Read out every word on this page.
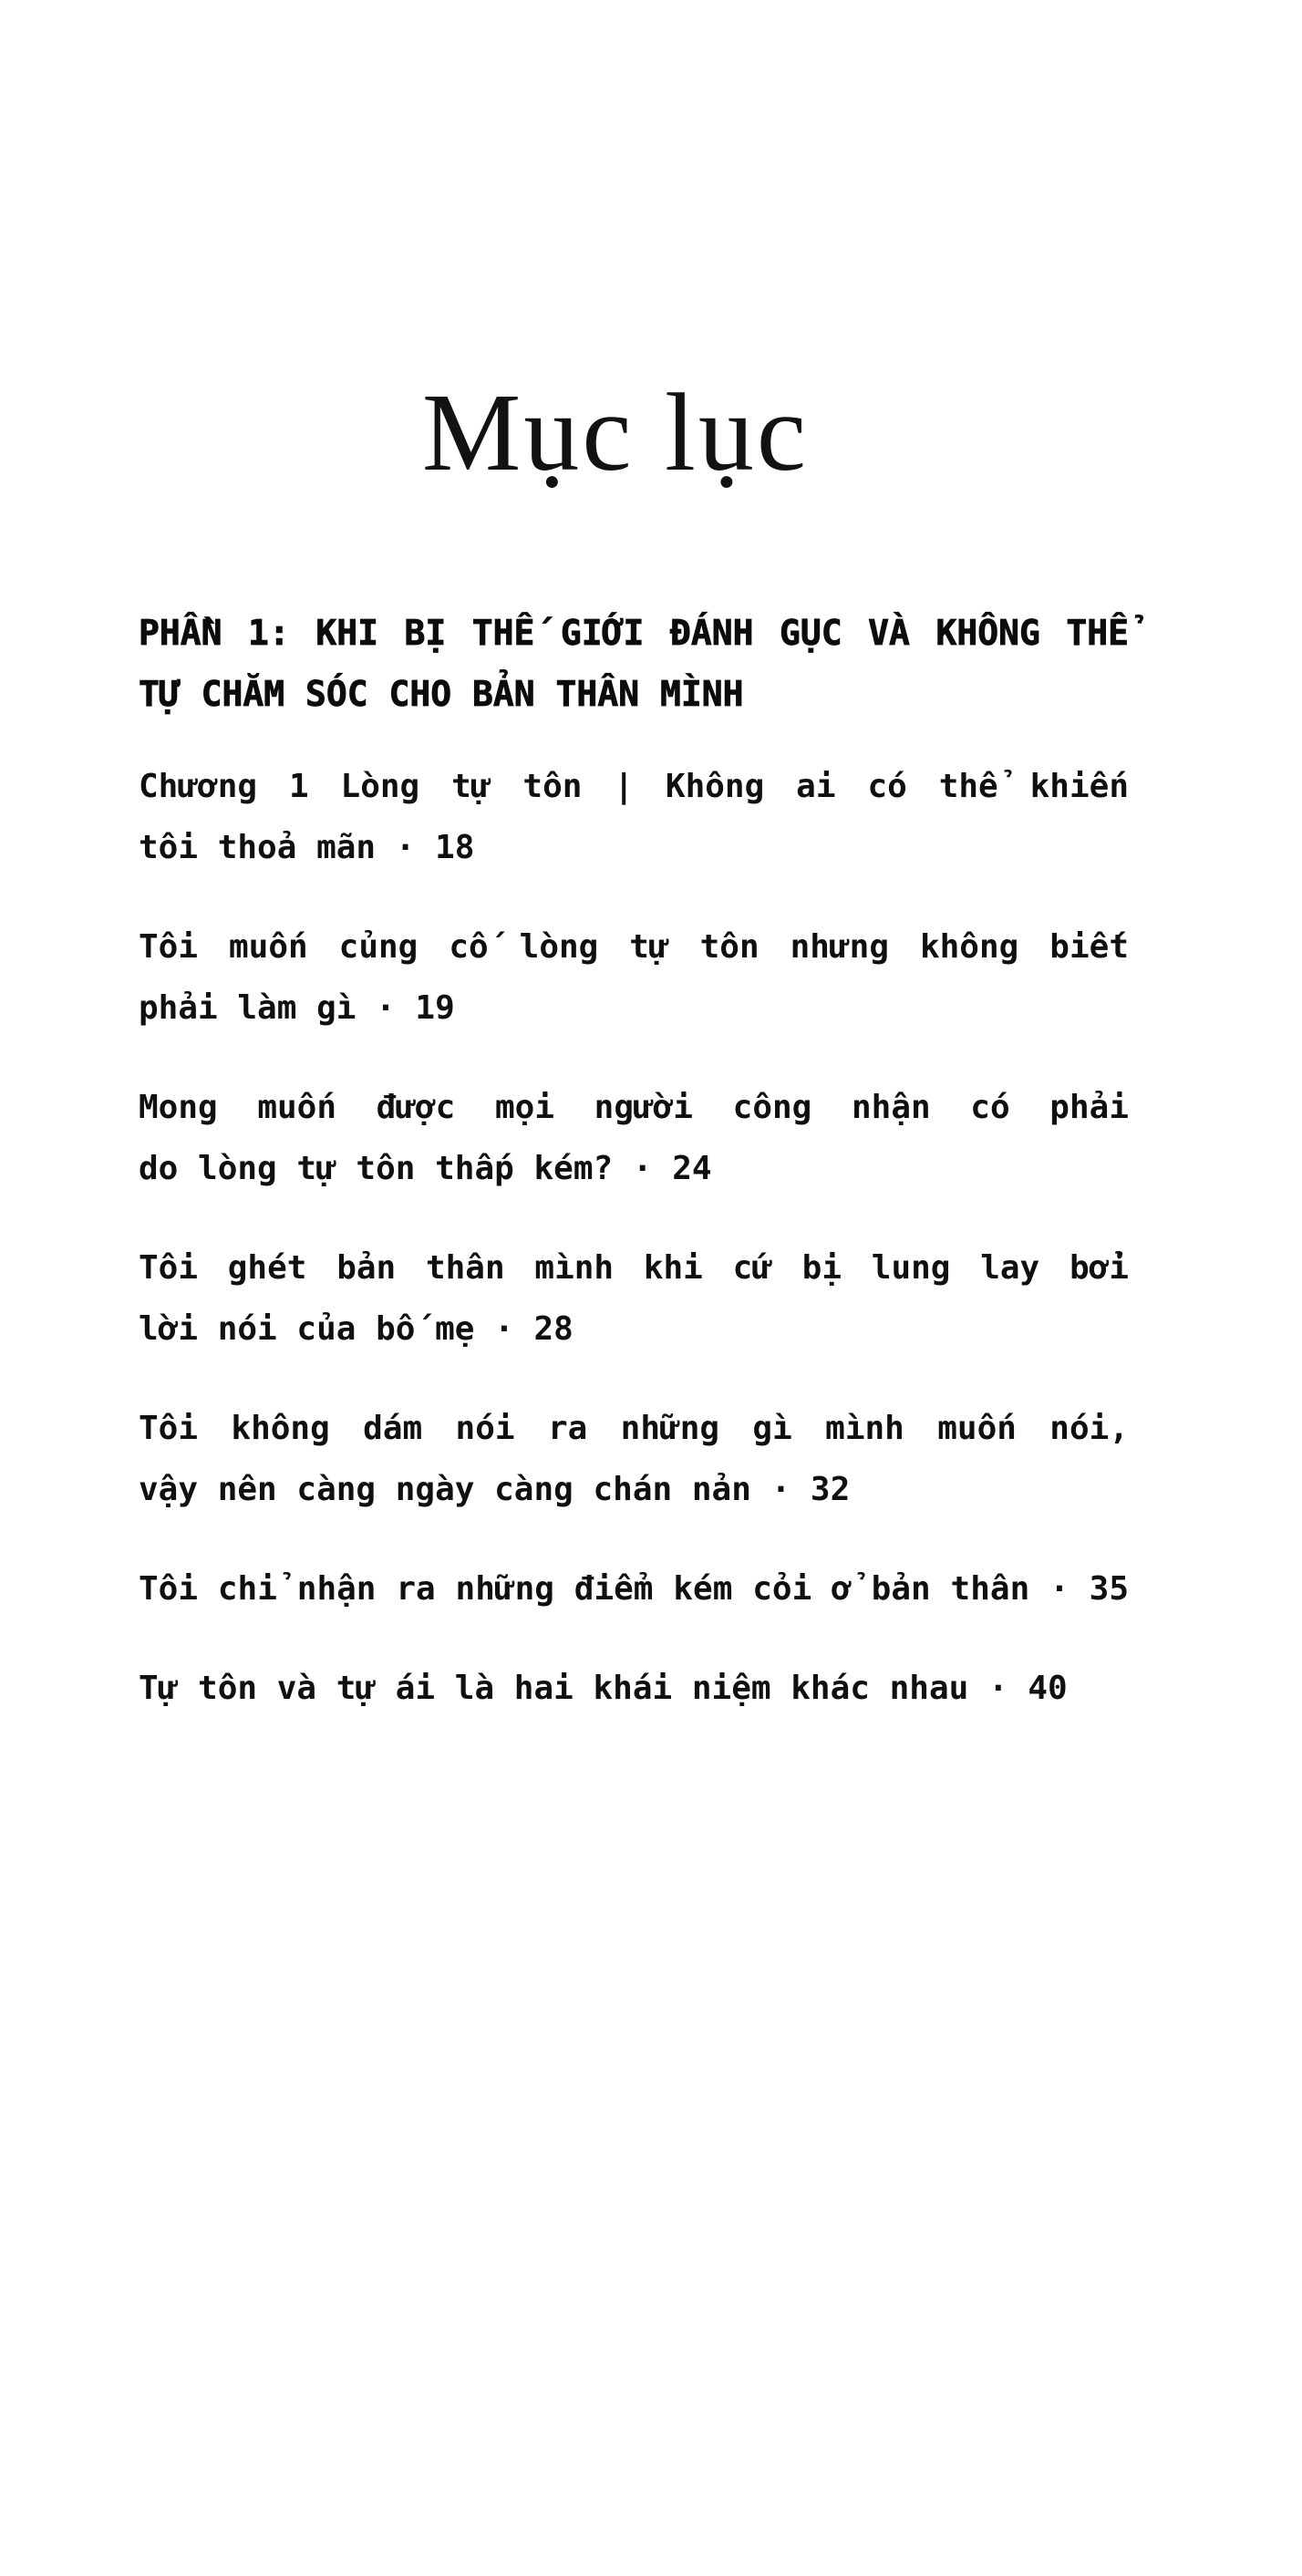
Mục lục
PHẦN 1: KHI BỊ THẾ GIỚI ĐÁNH GỤC VÀ KHÔNG THỂ
TỰ CHĂM SÓC CHO BẢN THÂN MÌNH
Chương 1 Lòng tự tôn | Không ai có thể khiến
tôi thoả mãn · 18
Tôi muốn củng cố lòng tự tôn nhưng không biết
phải làm gì · 19
Mong muốn được mọi người công nhận có phải
do lòng tự tôn thấp kém? · 24
Tôi ghét bản thân mình khi cứ bị lung lay bởi
lời nói của bố mẹ · 28
Tôi không dám nói ra những gì mình muốn nói,
vậy nên càng ngày càng chán nản · 32
Tôi chỉ nhận ra những điểm kém cỏi ở bản thân · 35
Tự tôn và tự ái là hai khái niệm khác nhau · 40
